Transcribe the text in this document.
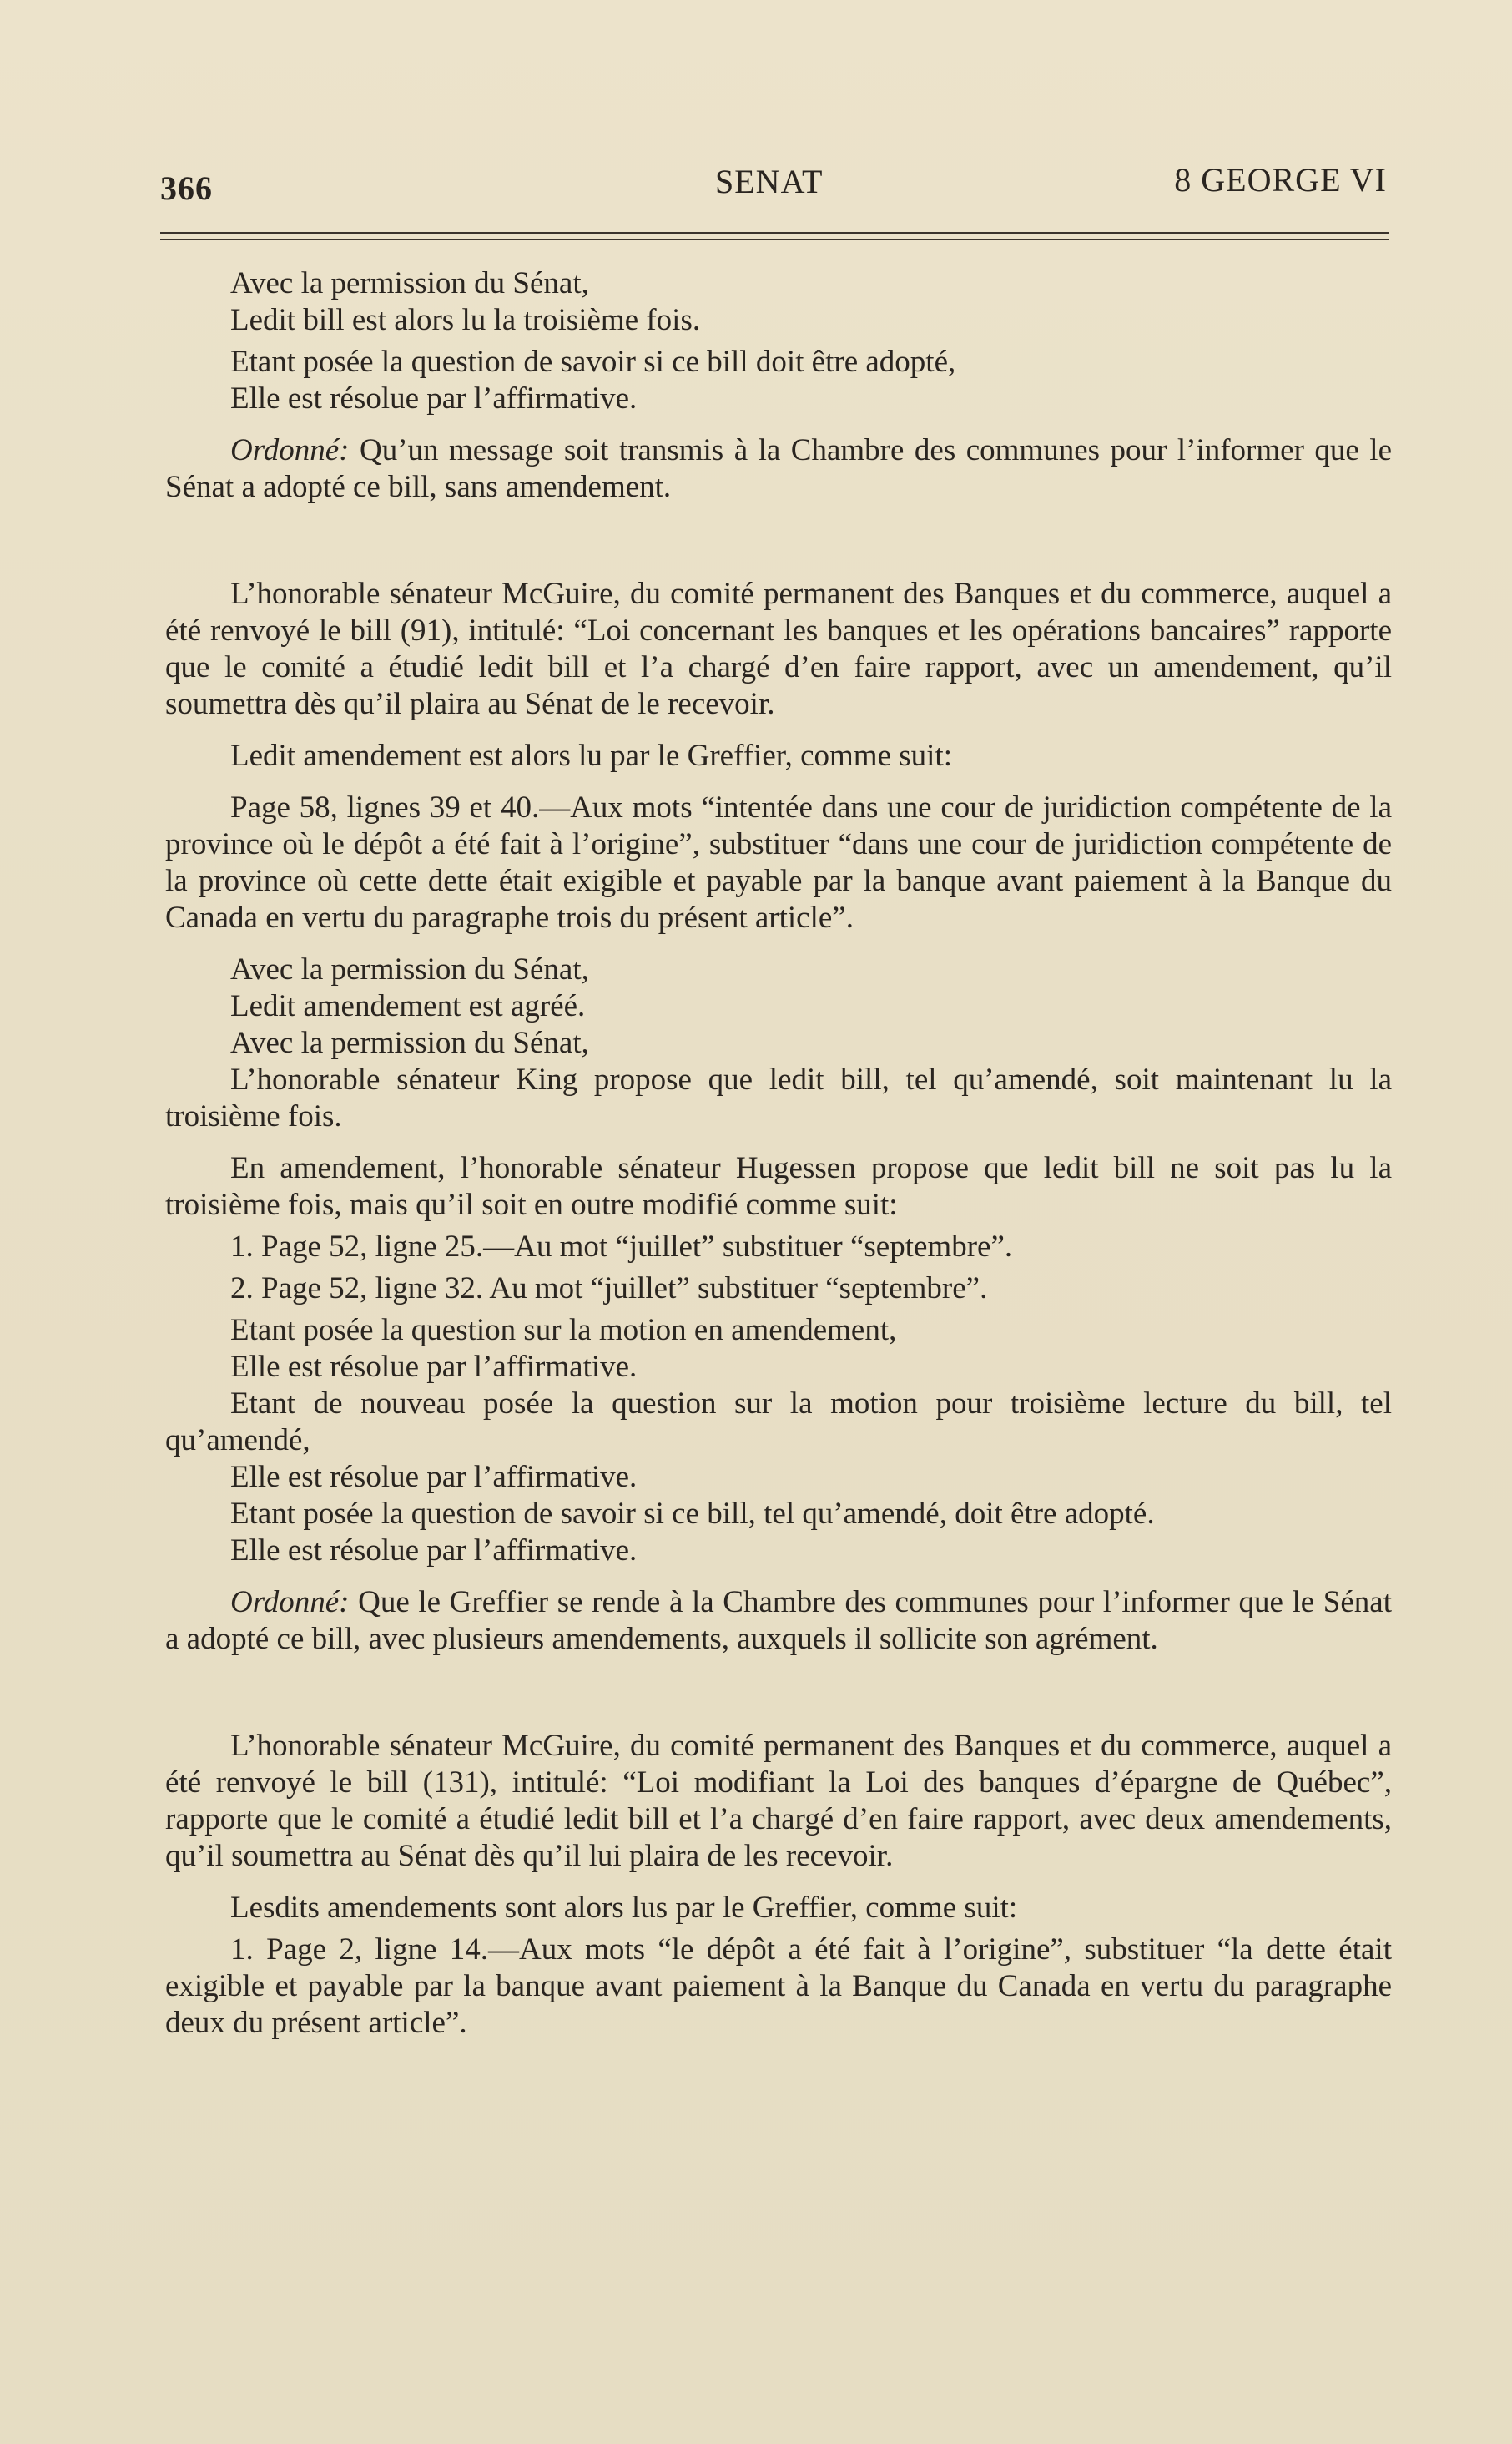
366	SENAT	8 GEORGE VI

Avec la permission du Sénat,

Ledit bill est alors lu la troisième fois.

Etant posée la question de savoir si ce bill doit être adopté,

Elle est résolue par l’affirmative.

Ordonné: Qu’un message soit transmis à la Chambre des communes pour l’informer que le Sénat a adopté ce bill, sans amendement.

L’honorable sénateur McGuire, du comité permanent des Banques et du commerce, auquel a été renvoyé le bill (91), intitulé: “Loi concernant les banques et les opérations bancaires” rapporte que le comité a étudié ledit bill et l’a chargé d’en faire rapport, avec un amendement, qu’il soumettra dès qu’il plaira au Sénat de le recevoir.

Ledit amendement est alors lu par le Greffier, comme suit:

Page 58, lignes 39 et 40.—Aux mots “intentée dans une cour de juridiction compétente de la province où le dépôt a été fait à l’origine”, substituer “dans une cour de juridiction compétente de la province où cette dette était exigible et payable par la banque avant paiement à la Banque du Canada en vertu du paragraphe trois du présent article”.

Avec la permission du Sénat,

Ledit amendement est agréé.

Avec la permission du Sénat,

L’honorable sénateur King propose que ledit bill, tel qu’amendé, soit maintenant lu la troisième fois.

En amendement, l’honorable sénateur Hugessen propose que ledit bill ne soit pas lu la troisième fois, mais qu’il soit en outre modifié comme suit:

1. Page 52, ligne 25.—Au mot “juillet” substituer “septembre”.

2. Page 52, ligne 32. Au mot “juillet” substituer “septembre”.

Etant posée la question sur la motion en amendement,

Elle est résolue par l’affirmative.

Etant de nouveau posée la question sur la motion pour troisième lecture du bill, tel qu’amendé,

Elle est résolue par l’affirmative.

Etant posée la question de savoir si ce bill, tel qu’amendé, doit être adopté.

Elle est résolue par l’affirmative.

Ordonné: Que le Greffier se rende à la Chambre des communes pour l’informer que le Sénat a adopté ce bill, avec plusieurs amendements, auxquels il sollicite son agrément.

L’honorable sénateur McGuire, du comité permanent des Banques et du commerce, auquel a été renvoyé le bill (131), intitulé: “Loi modifiant la Loi des banques d’épargne de Québec”, rapporte que le comité a étudié ledit bill et l’a chargé d’en faire rapport, avec deux amendements, qu’il soumettra au Sénat dès qu’il lui plaira de les recevoir.

Lesdits amendements sont alors lus par le Greffier, comme suit:

1. Page 2, ligne 14.—Aux mots “le dépôt a été fait à l’origine”, substituer “la dette était exigible et payable par la banque avant paiement à la Banque du Canada en vertu du paragraphe deux du présent article”.
